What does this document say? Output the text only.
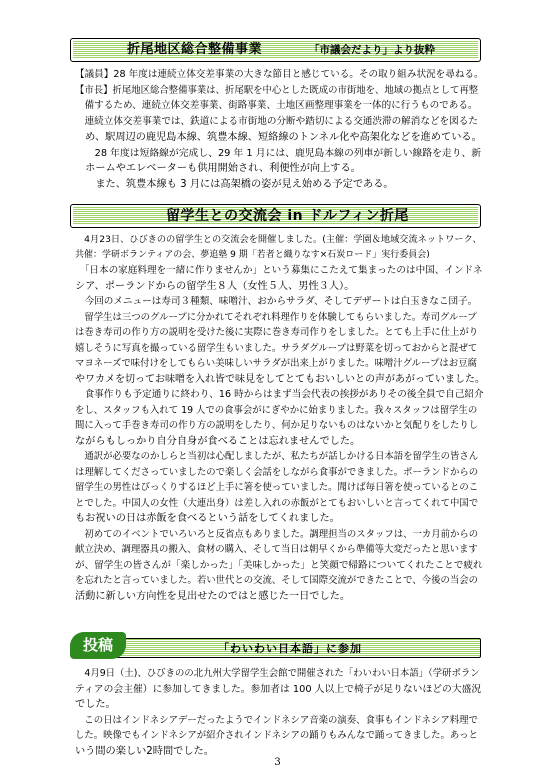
折尾地区総合整備事業	「市議会だより」より抜粋

【議員】28 年度は連続立体交差事業の大きな節目と感じている。その取り組み状況を尋ねる。

【市長】折尾地区総合整備事業は、折尾駅を中心とした既成の市街地を、地域の拠点として再整

　備するため、連続立体交差事業、街路事業、土地区画整理事業を一体的に行うものである。

　連続立体交差事業では、鉄道による市街地の分断や踏切による交通渋滞の解消などを図るた

　め、駅周辺の鹿児島本線、筑豊本線、短絡線のトンネル化や高架化などを進めている。

　　28 年度は短絡線が完成し、29 年 1 月には、鹿児島本線の列車が新しい線路を走り、新

　ホームやエレベーターも供用開始され、利便性が向上する。

　　また、筑豊本線も 3 月には高架橋の姿が見え始める予定である。

留学生との交流会 in ドルフィン折尾

　4月23日、ひびきのの留学生との交流会を開催しました。(主催：学園＆地域交流ネットワーク、

共催：学研ボランティアの会、夢追塾 9 期「若者と織りなす×石炭ロード」実行委員会)

　「日本の家庭料理を一緒に作りませんか」という募集にこたえて集まったのは中国、インドネ

シア、ポーランドからの留学生８人（女性５人、男性３人）。

　今回のメニューは寿司３種類、味噌汁、おからサラダ、そしてデザートは白玉きなこ団子。

　留学生は三つのグループに分かれてそれぞれ料理作りを体験してもらいました。寿司グループ

は巻き寿司の作り方の説明を受けた後に実際に巻き寿司作りをしました。とても上手に仕上がり

嬉しそうに写真を撮っている留学生もいました。サラダグループは野菜を切っておからと混ぜて

マヨネーズで味付けをしてもらい美味しいサラダが出来上がりました。味噌汁グループはお豆腐

やワカメを切ってお味噌を入れ皆で味見をしてとてもおいしいとの声があがっていました。

　食事作りも予定通りに終わり、16 時からはまず当会代表の挨拶がありその後全員で自己紹介

をし、スタッフも入れて 19 人での食事会がにぎやかに始まりました。我々スタッフは留学生の

間に入って手巻き寿司の作り方の説明をしたり、何か足りないものはないかと気配りをしたりし

ながらもしっかり自分自身が食べることは忘れませんでした。

　通訳が必要なのかしらと当初は心配しましたが、私たちが話しかける日本語を留学生の皆さん

は理解してくださっていましたので楽しく会話をしながら食事ができました。ポーランドからの

留学生の男性はびっくりするほど上手に箸を使っていました。聞けば毎日箸を使っているとのこ

とでした。中国人の女性（大連出身）は差し入れの赤飯がとてもおいしいと言ってくれて中国で

もお祝いの日は赤飯を食べるという話をしてくれました。

　初めてのイベントでいろいろと反省点もありました。調理担当のスタッフは、一カ月前からの

献立決め、調理器具の搬入、食材の購入、そして当日は朝早くから準備等大変だったと思います

が、留学生の皆さんが「楽しかった」「美味しかった」と笑顔で帰路についてくれたことで疲れ

を忘れたと言っていました。若い世代との交流、そして国際交流ができたことで、今後の当会の

活動に新しい方向性を見出せたのではと感じた一日でした。

投稿	「わいわい日本語」に参加

　4月9日（土)、ひびきのの北九州大学留学生会館で開催された「わいわい日本語」（学研ボラン

ティアの会主催）に参加してきました。参加者は 100 人以上で椅子が足りないほどの大盛況

でした。

　この日はインドネシアデーだったようでインドネシア音楽の演奏、食事もインドネシア料理で

した。映像でもインドネシアが紹介されインドネシアの踊りもみんなで踊ってきました。あっと

いう間の楽しい2時間でした。

3
